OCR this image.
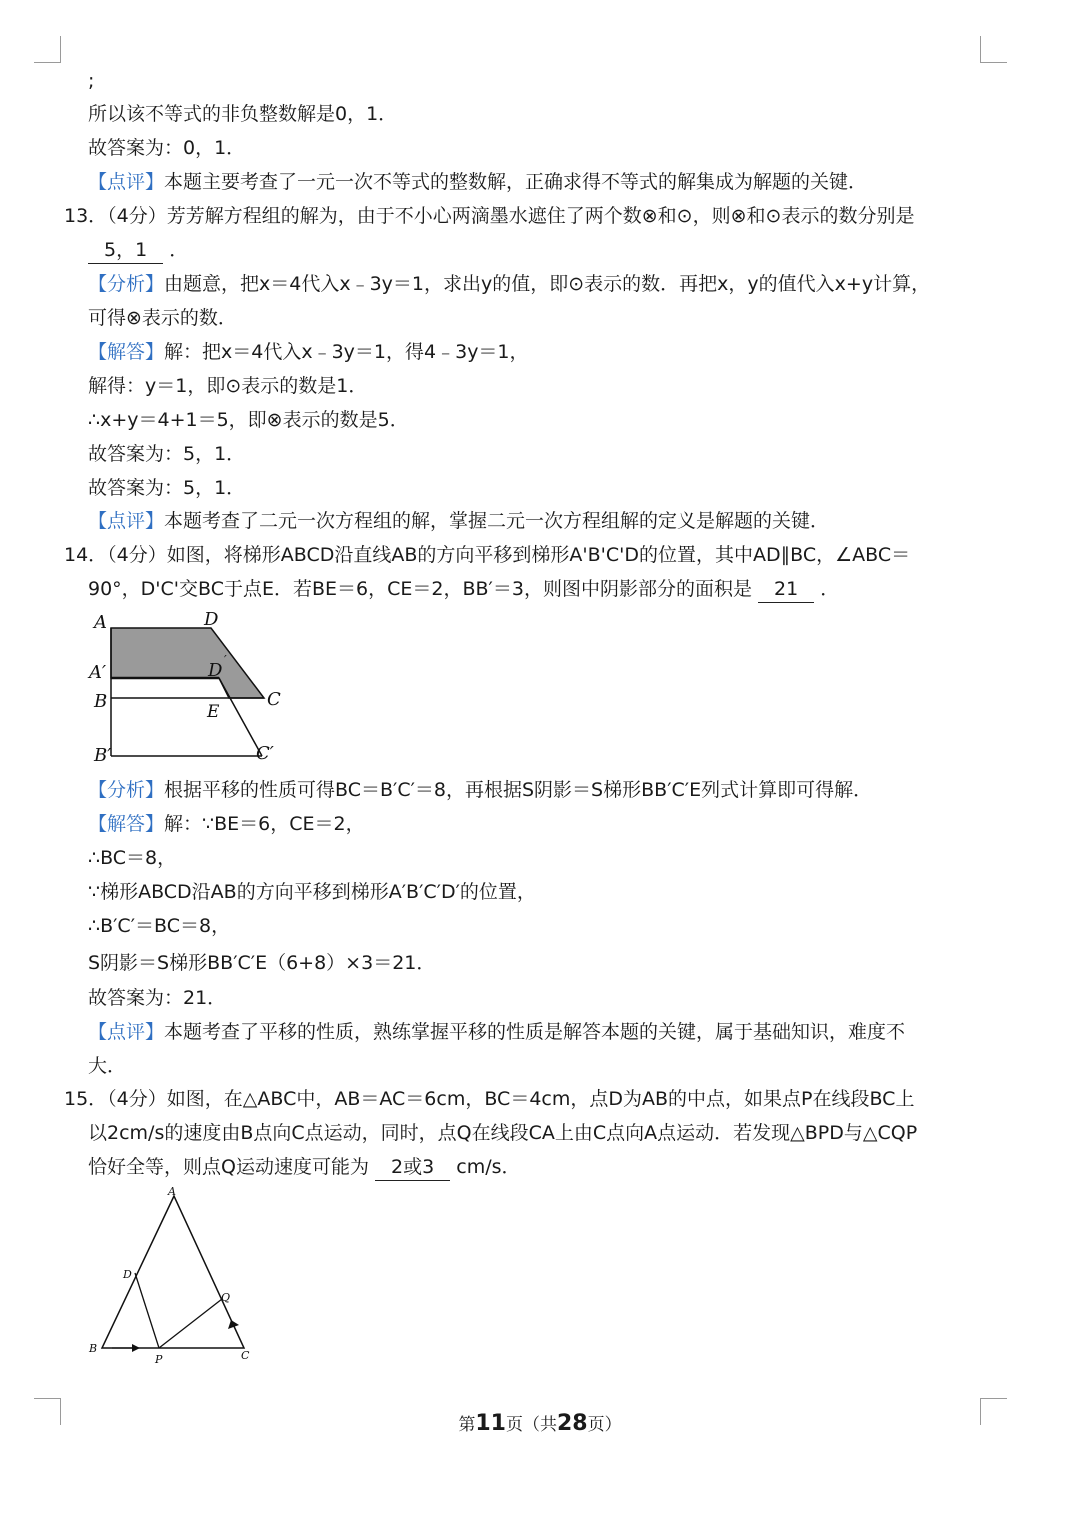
;
所以该不等式的非负整数解是0，1．
故答案为：0，1．
【点评】本题主要考查了一元一次不等式的整数解，正确求得不等式的解集成为解题的关键．
13．（4分）芳芳解方程组的解为，由于不小心两滴墨水遮住了两个数⊗和⊙，则⊗和⊙表示的数分别是
5，1 ．
【分析】由题意，把x＝4代入x﹣3y＝1，求出y的值，即⊙表示的数．再把x，y的值代入x+y计算，
可得⊗表示的数．
【解答】解：把x＝4代入x﹣3y＝1，得4﹣3y＝1，
解得：y＝1，即⊙表示的数是1．
∴x+y＝4+1＝5，即⊗表示的数是5．
故答案为：5，1．
故答案为：5，1．
【点评】本题考查了二元一次方程组的解，掌握二元一次方程组解的定义是解题的关键．
14．（4分）如图，将梯形ABCD沿直线AB的方向平移到梯形A'B'C'D的位置，其中AD∥BC，∠ABC＝
90°，D'C'交BC于点E．若BE＝6，CE＝2，BB′＝3，则图中阴影部分的面积是 21 ．
A	D
A′	D ′
B	C
E
B′	C′
【分析】根据平移的性质可得BC＝B′C′＝8，再根据S阴影＝S梯形BB′C′E列式计算即可得解．
【解答】解：∵BE＝6，CE＝2，
∴BC＝8，
∵梯形ABCD沿AB的方向平移到梯形A′B′C′D′的位置，
∴B′C′＝BC＝8，
S阴影＝S梯形BB′C′E（6+8）×3＝21．
故答案为：21．
【点评】本题考查了平移的性质，熟练掌握平移的性质是解答本题的关键，属于基础知识，难度不
大．
15．（4分）如图，在△ABC中，AB＝AC＝6cm，BC＝4cm，点D为AB的中点，如果点P在线段BC上
以2cm/s的速度由B点向C点运动，同时，点Q在线段CA上由C点向A点运动．若发现△BPD与△CQP
恰好全等，则点Q运动速度可能为 2或3 cm/s．
A
D
Q
B
P	C
第11页（共28页）
